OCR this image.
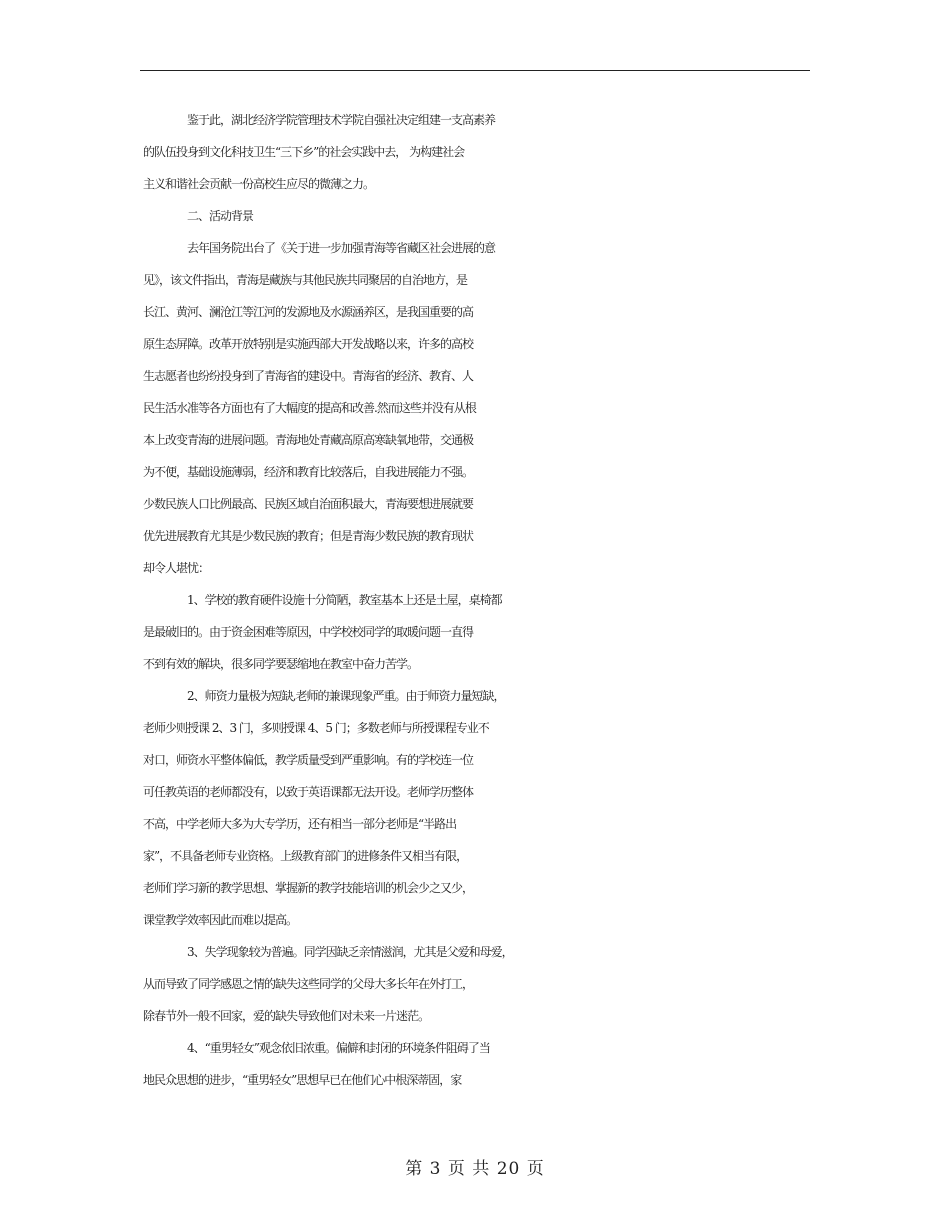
鉴于此，湖北经济学院管理技术学院自强社决定组建一支高素养
的队伍投身到文化科技卫生“三下乡”的社会实践中去， 为构建社会
主义和谐社会贡献一份高校生应尽的微薄之力。
二、活动背景
去年国务院出台了《关于进一步加强青海等省藏区社会进展的意
见》，该文件指出，青海是藏族与其他民族共同聚居的自治地方，是
长江、黄河、澜沧江等江河的发源地及水源涵养区，是我国重要的高
原生态屏障。改革开放特别是实施西部大开发战略以来，许多的高校
生志愿者也纷纷投身到了青海省的建设中。青海省的经济、教育、人
民生活水准等各方面也有了大幅度的提高和改善.然而这些并没有从根
本上改变青海的进展问题。青海地处青藏高原高寒缺氧地带，交通极
为不便，基础设施薄弱，经济和教育比较落后，自我进展能力不强。
少数民族人口比例最高、民族区域自治面积最大，青海要想进展就要
优先进展教育尤其是少数民族的教育；但是青海少数民族的教育现状
却令人堪忧：
1、学校的教育硬件设施十分简陋，教室基本上还是土屋，桌椅都
是最破旧的。由于资金困难等原因，中学校校同学的取暖问题一直得
不到有效的解块，很多同学要瑟缩地在教室中奋力苦学。
2、师资力量极为短缺,老师的兼课现象严重。由于师资力量短缺，
老师少则授课 2、3 门，多则授课 4、5 门；多数老师与所授课程专业不
对口，师资水平整体偏低，教学质量受到严重影响。有的学校连一位
可任教英语的老师都没有，以致于英语课都无法开设。老师学历整体
不高，中学老师大多为大专学历，还有相当一部分老师是“半路出
家”，不具备老师专业资格。上级教育部门的进修条件又相当有限，
老师们学习新的教学思想、掌握新的教学技能培训的机会少之又少，
课堂教学效率因此而难以提高。
3、失学现象较为普遍。同学因缺乏亲情滋润，尤其是父爱和母爱，
从而导致了同学感恩之情的缺失这些同学的父母大多长年在外打工，
除春节外一般不回家，爱的缺失导致他们对未来一片迷茫。
4、“重男轻女”观念依旧浓重。偏僻和封闭的环境条件阻碍了当
地民众思想的进步，“重男轻女”思想早已在他们心中根深蒂固，家
第 3 页 共 20 页
